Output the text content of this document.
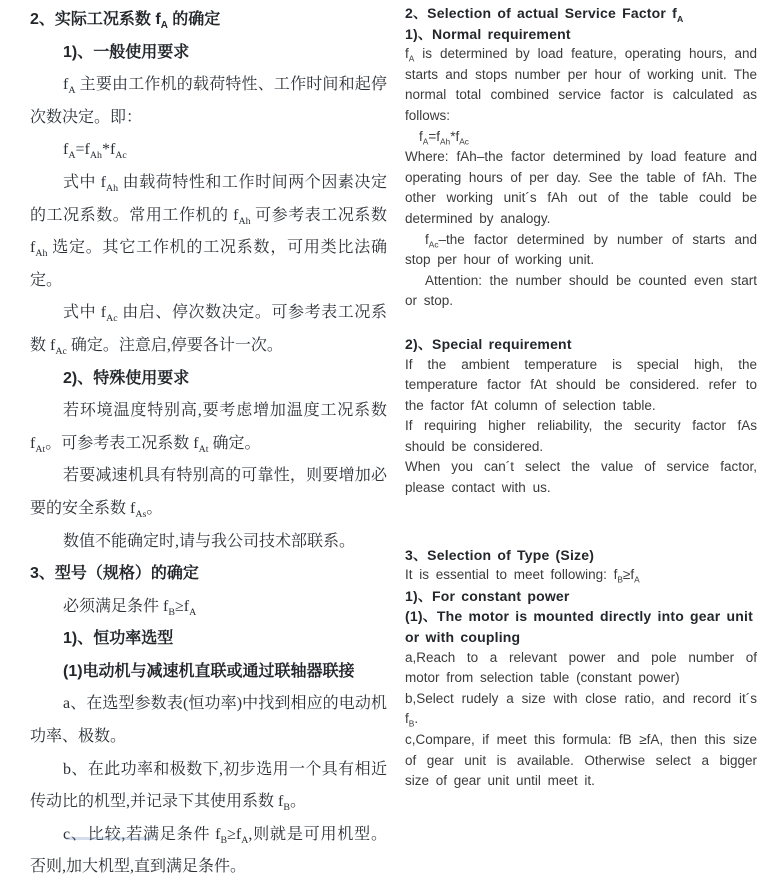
2、实际工况系数 $f_A$ 的确定
1)、一般使用要求
$f_A$ 主要由工作机的载荷特性、工作时间和起停次数决定。即：
$f_A=f_{Ah}*f_{Ac}$
式中 $f_{Ah}$ 由载荷特性和工作时间两个因素决定的工况系数。常用工作机的 $f_{Ah}$ 可参考表工况系数 $f_{Ah}$ 选定。其它工作机的工况系数，可用类比法确定。
式中 $f_{Ac}$ 由启、停次数决定。可参考表工况系数 $f_{Ac}$ 确定。注意启,停要各计一次。
2)、特殊使用要求
若环境温度特别高,要考虑增加温度工况系数 $f_{At}$。可参考表工况系数 $f_{At}$ 确定。
若要减速机具有特别高的可靠性，则要增加必要的安全系数 $f_{As}$。
数值不能确定时,请与我公司技术部联系。
3、型号（规格）的确定
必须满足条件 $f_B\ge f_A$
1)、恒功率选型
(1)电动机与减速机直联或通过联轴器联接
a、在选型参数表(恒功率)中找到相应的电动机功率、极数。
b、在此功率和极数下,初步选用一个具有相近传动比的机型,并记录下其使用系数 $f_B$。
c、比较,若满足条件 $f_B\ge f_A$,则就是可用机型。否则,加大机型,直到满足条件。
2、Selection of actual Service Factor $f_A$
1)、Normal requirement
$f_A$ is determined by load feature, operating hours, and starts and stops number per hour of working unit. The normal total combined service factor is calculated as follows:
$f_A=f_{Ah}*f_{Ac}$
Where: fAh–the factor determined by load feature and operating hours of per day. See the table of fAh. The other working unit´s fAh out of the table could be determined by analogy.
$f_{Ac}$–the factor determined by number of starts and stop per hour of working unit.
Attention: the number should be counted even start or stop.
2)、Special requirement
If the ambient temperature is special high, the temperature factor fAt should be considered. refer to the factor fAt column of selection table.
If requiring higher reliability, the security factor fAs should be considered.
When you can´t select the value of service factor, please contact with us.
3、Selection of Type (Size)
It is essential to meet following: $f_B\ge f_A$
1)、For constant power
(1)、The motor is mounted directly into gear unit or with coupling
a,Reach to a relevant power and pole number of motor from selection table (constant power)
b,Select rudely a size with close ratio, and record it´s $f_B$.
c,Compare, if meet this formula: fB ≥fA, then this size of gear unit is available. Otherwise select a bigger size of gear unit until meet it.
